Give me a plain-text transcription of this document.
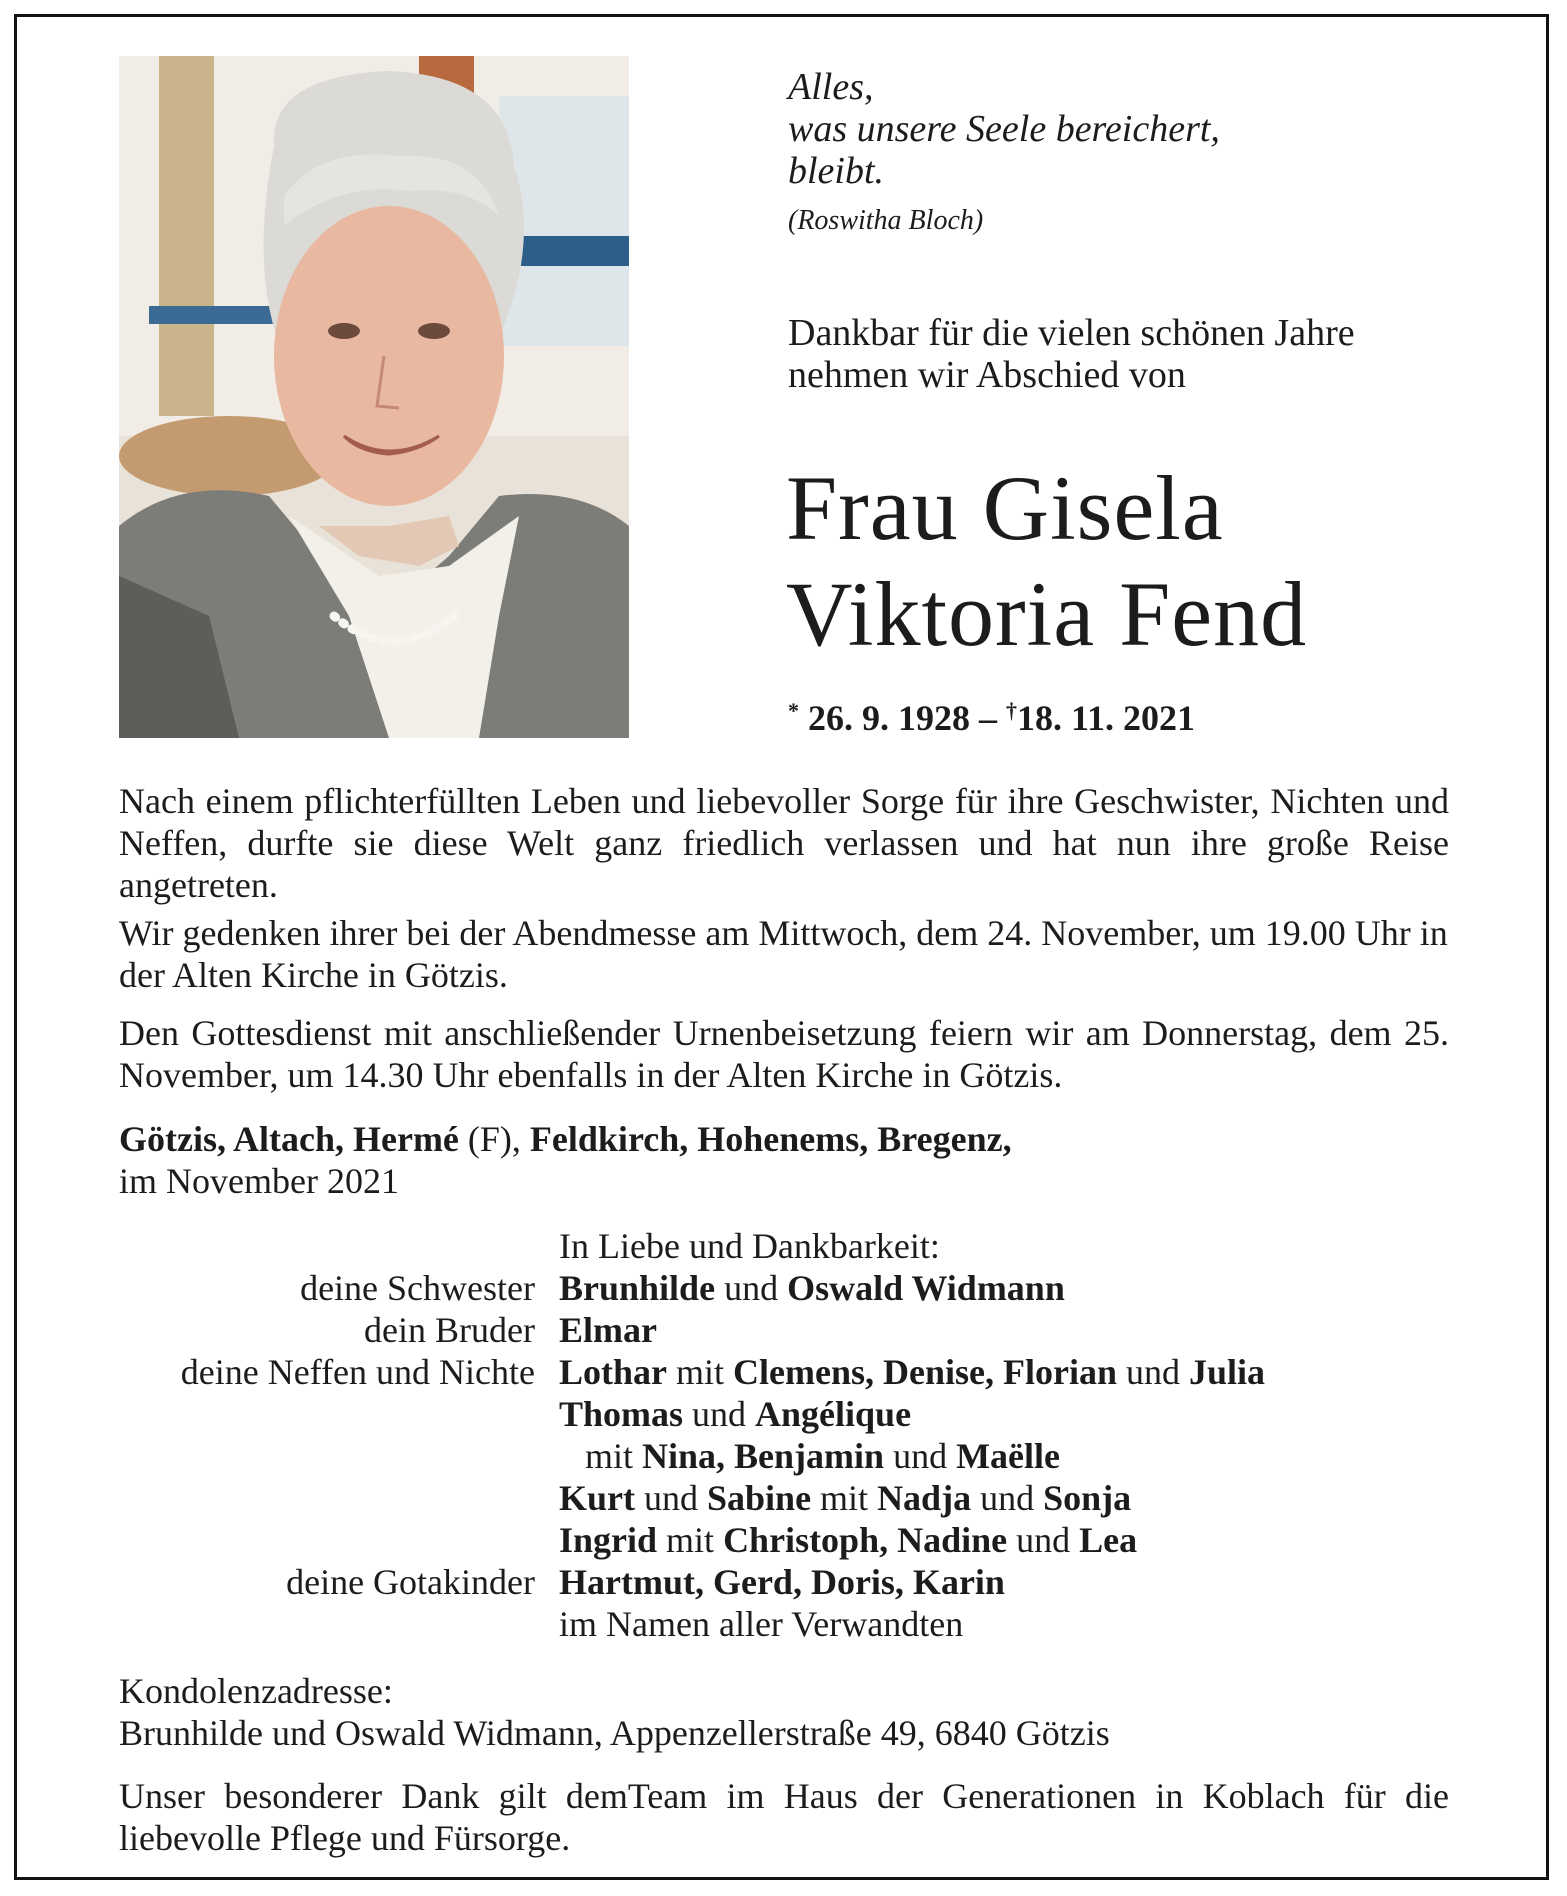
Alles,
was unsere Seele bereichert,
bleibt.
(Roswitha Bloch)
Dankbar für die vielen schönen Jahre
nehmen wir Abschied von
Frau Gisela
Viktoria Fend
* 26. 9. 1928 – †18. 11. 2021
Nach einem pflichterfüllten Leben und liebevoller Sorge für ihre Geschwister, Nichten und Neffen, durfte sie diese Welt ganz friedlich verlassen und hat nun ihre große Reise angetreten.
Wir gedenken ihrer bei der Abendmesse am Mittwoch, dem 24. November, um 19.00 Uhr in der Alten Kirche in Götzis.
Den Gottesdienst mit anschließender Urnenbeisetzung feiern wir am Donnerstag, dem 25. November, um 14.30 Uhr ebenfalls in der Alten Kirche in Götzis.
Götzis, Altach, Hermé (F), Feldkirch, Hohenems, Bregenz,
im November 2021
In Liebe und Dankbarkeit:
deine Schwester Brunhilde und Oswald Widmann
dein Bruder Elmar
deine Neffen und Nichte Lothar mit Clemens, Denise, Florian und Julia
Thomas und Angélique
mit Nina, Benjamin und Maëlle
Kurt und Sabine mit Nadja und Sonja
Ingrid mit Christoph, Nadine und Lea
deine Gotakinder Hartmut, Gerd, Doris, Karin
im Namen aller Verwandten
Kondolenzadresse:
Brunhilde und Oswald Widmann, Appenzellerstraße 49, 6840 Götzis
Unser besonderer Dank gilt demTeam im Haus der Generationen in Koblach für die liebevolle Pflege und Fürsorge.
